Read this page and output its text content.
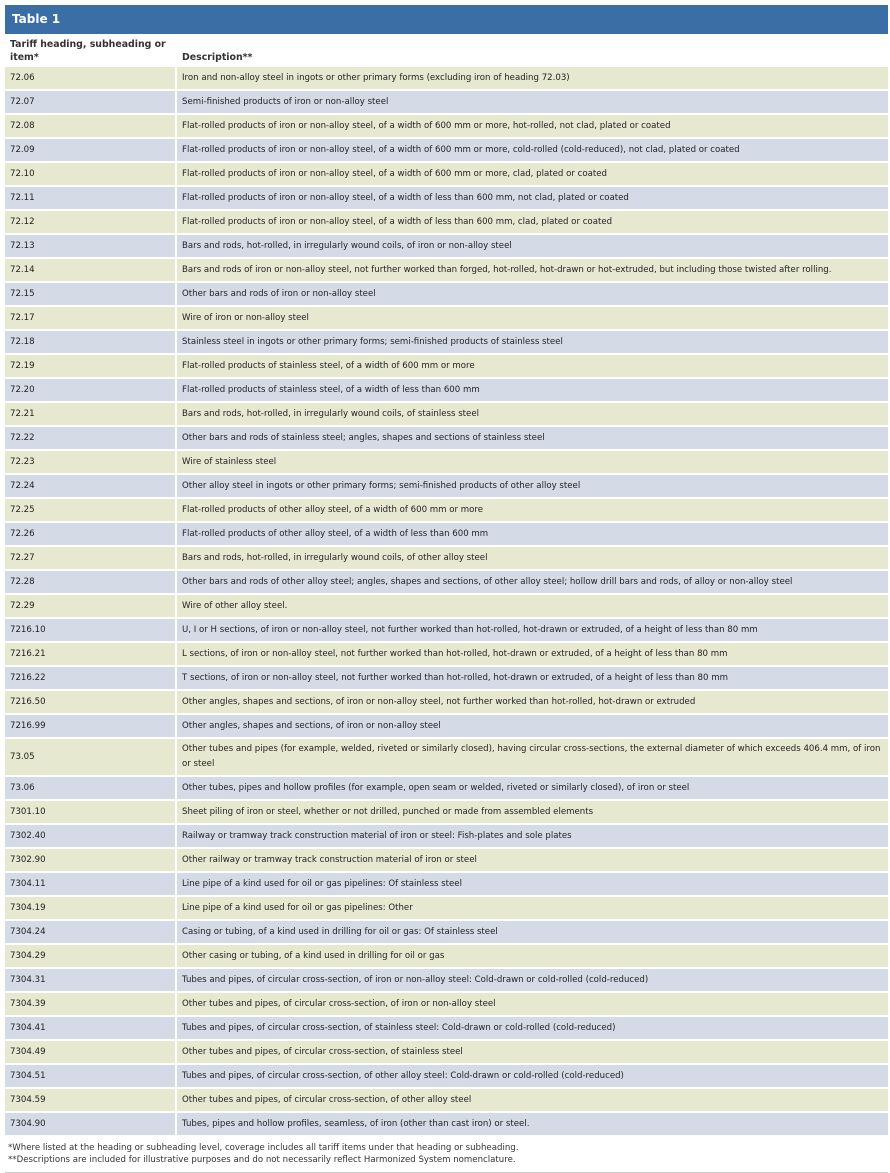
Table 1
Tariff heading, subheading or item*	Description**
72.06	Iron and non-alloy steel in ingots or other primary forms (excluding iron of heading 72.03)
72.07	Semi-finished products of iron or non-alloy steel
72.08	Flat-rolled products of iron or non-alloy steel, of a width of 600 mm or more, hot-rolled, not clad, plated or coated
72.09	Flat-rolled products of iron or non-alloy steel, of a width of 600 mm or more, cold-rolled (cold-reduced), not clad, plated or coated
72.10	Flat-rolled products of iron or non-alloy steel, of a width of 600 mm or more, clad, plated or coated
72.11	Flat-rolled products of iron or non-alloy steel, of a width of less than 600 mm, not clad, plated or coated
72.12	Flat-rolled products of iron or non-alloy steel, of a width of less than 600 mm, clad, plated or coated
72.13	Bars and rods, hot-rolled, in irregularly wound coils, of iron or non-alloy steel
72.14	Bars and rods of iron or non-alloy steel, not further worked than forged, hot-rolled, hot-drawn or hot-extruded, but including those twisted after rolling.
72.15	Other bars and rods of iron or non-alloy steel
72.17	Wire of iron or non-alloy steel
72.18	Stainless steel in ingots or other primary forms; semi-finished products of stainless steel
72.19	Flat-rolled products of stainless steel, of a width of 600 mm or more
72.20	Flat-rolled products of stainless steel, of a width of less than 600 mm
72.21	Bars and rods, hot-rolled, in irregularly wound coils, of stainless steel
72.22	Other bars and rods of stainless steel; angles, shapes and sections of stainless steel
72.23	Wire of stainless steel
72.24	Other alloy steel in ingots or other primary forms; semi-finished products of other alloy steel
72.25	Flat-rolled products of other alloy steel, of a width of 600 mm or more
72.26	Flat-rolled products of other alloy steel, of a width of less than 600 mm
72.27	Bars and rods, hot-rolled, in irregularly wound coils, of other alloy steel
72.28	Other bars and rods of other alloy steel; angles, shapes and sections, of other alloy steel; hollow drill bars and rods, of alloy or non-alloy steel
72.29	Wire of other alloy steel.
7216.10	U, I or H sections, of iron or non-alloy steel, not further worked than hot-rolled, hot-drawn or extruded, of a height of less than 80 mm
7216.21	L sections, of iron or non-alloy steel, not further worked than hot-rolled, hot-drawn or extruded, of a height of less than 80 mm
7216.22	T sections, of iron or non-alloy steel, not further worked than hot-rolled, hot-drawn or extruded, of a height of less than 80 mm
7216.50	Other angles, shapes and sections, of iron or non-alloy steel, not further worked than hot-rolled, hot-drawn or extruded
7216.99	Other angles, shapes and sections, of iron or non-alloy steel
73.05	Other tubes and pipes (for example, welded, riveted or similarly closed), having circular cross-sections, the external diameter of which exceeds 406.4 mm, of iron or steel
73.06	Other tubes, pipes and hollow profiles (for example, open seam or welded, riveted or similarly closed), of iron or steel
7301.10	Sheet piling of iron or steel, whether or not drilled, punched or made from assembled elements
7302.40	Railway or tramway track construction material of iron or steel: Fish-plates and sole plates
7302.90	Other railway or tramway track construction material of iron or steel
7304.11	Line pipe of a kind used for oil or gas pipelines: Of stainless steel
7304.19	Line pipe of a kind used for oil or gas pipelines: Other
7304.24	Casing or tubing, of a kind used in drilling for oil or gas: Of stainless steel
7304.29	Other casing or tubing, of a kind used in drilling for oil or gas
7304.31	Tubes and pipes, of circular cross-section, of iron or non-alloy steel: Cold-drawn or cold-rolled (cold-reduced)
7304.39	Other tubes and pipes, of circular cross-section, of iron or non-alloy steel
7304.41	Tubes and pipes, of circular cross-section, of stainless steel: Cold-drawn or cold-rolled (cold-reduced)
7304.49	Other tubes and pipes, of circular cross-section, of stainless steel
7304.51	Tubes and pipes, of circular cross-section, of other alloy steel: Cold-drawn or cold-rolled (cold-reduced)
7304.59	Other tubes and pipes, of circular cross-section, of other alloy steel
7304.90	Tubes, pipes and hollow profiles, seamless, of iron (other than cast iron) or steel.
*Where listed at the heading or subheading level, coverage includes all tariff items under that heading or subheading.
**Descriptions are included for illustrative purposes and do not necessarily reflect Harmonized System nomenclature.
